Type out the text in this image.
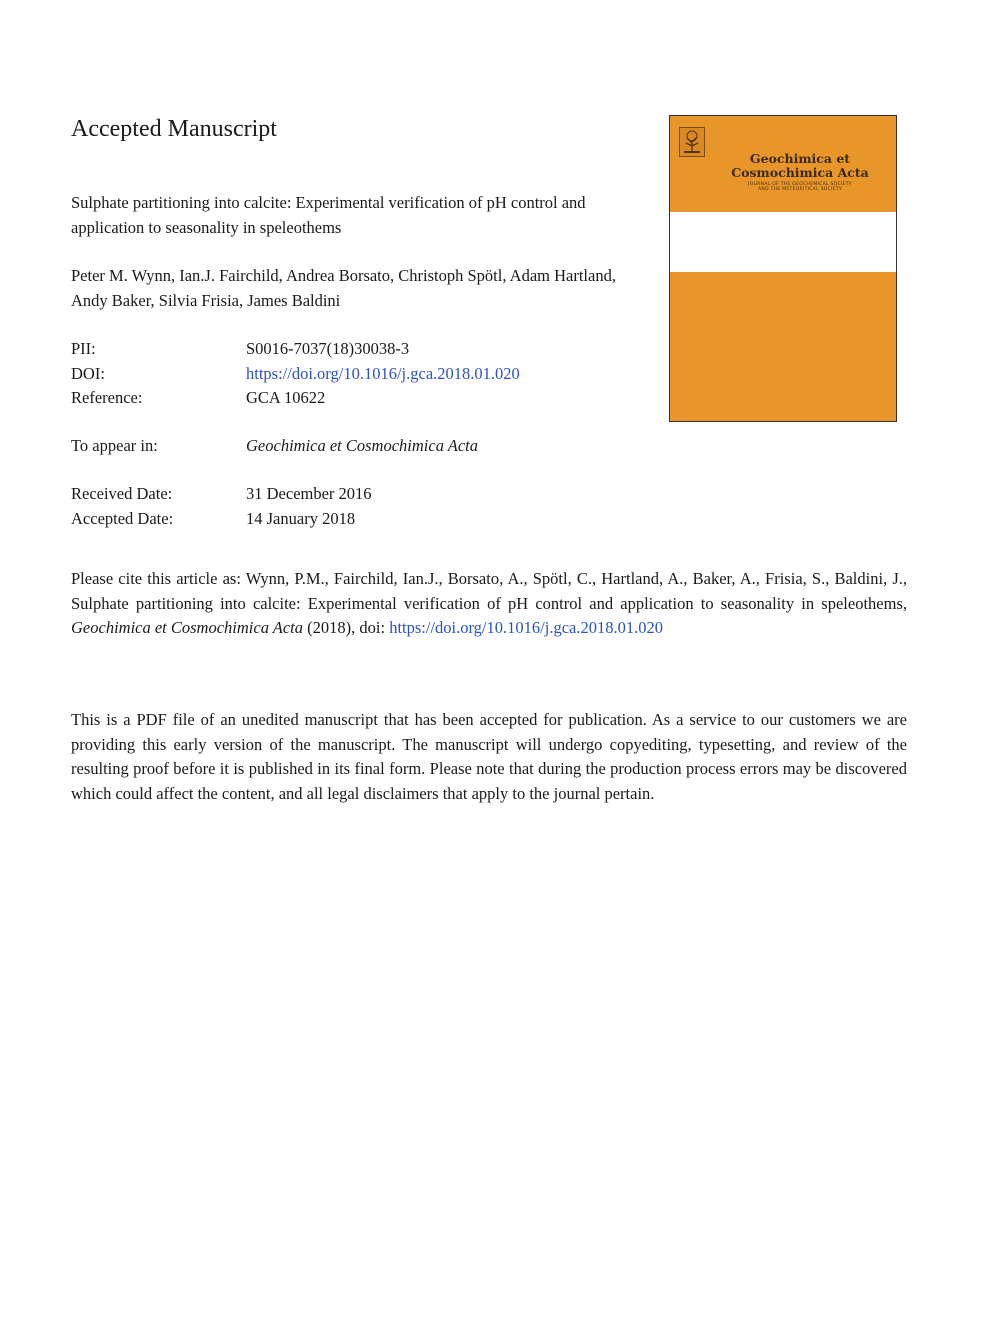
Accepted Manuscript
Sulphate partitioning into calcite: Experimental verification of pH control and application to seasonality in speleothems
Peter M. Wynn, Ian.J. Fairchild, Andrea Borsato, Christoph Spötl, Adam Hartland, Andy Baker, Silvia Frisia, James Baldini
PII:	S0016-7037(18)30038-3
DOI:	https://doi.org/10.1016/j.gca.2018.01.020
Reference:	GCA 10622
To appear in:	Geochimica et Cosmochimica Acta
Received Date:	31 December 2016
Accepted Date:	14 January 2018
Please cite this article as: Wynn, P.M., Fairchild, Ian.J., Borsato, A., Spötl, C., Hartland, A., Baker, A., Frisia, S., Baldini, J., Sulphate partitioning into calcite: Experimental verification of pH control and application to seasonality in speleothems, Geochimica et Cosmochimica Acta (2018), doi: https://doi.org/10.1016/j.gca.2018.01.020
This is a PDF file of an unedited manuscript that has been accepted for publication. As a service to our customers we are providing this early version of the manuscript. The manuscript will undergo copyediting, typesetting, and review of the resulting proof before it is published in its final form. Please note that during the production process errors may be discovered which could affect the content, and all legal disclaimers that apply to the journal pertain.
Geochimica et
Cosmochimica Acta
JOURNAL OF THE GEOCHEMICAL SOCIETY
AND THE METEORITICAL SOCIETY
